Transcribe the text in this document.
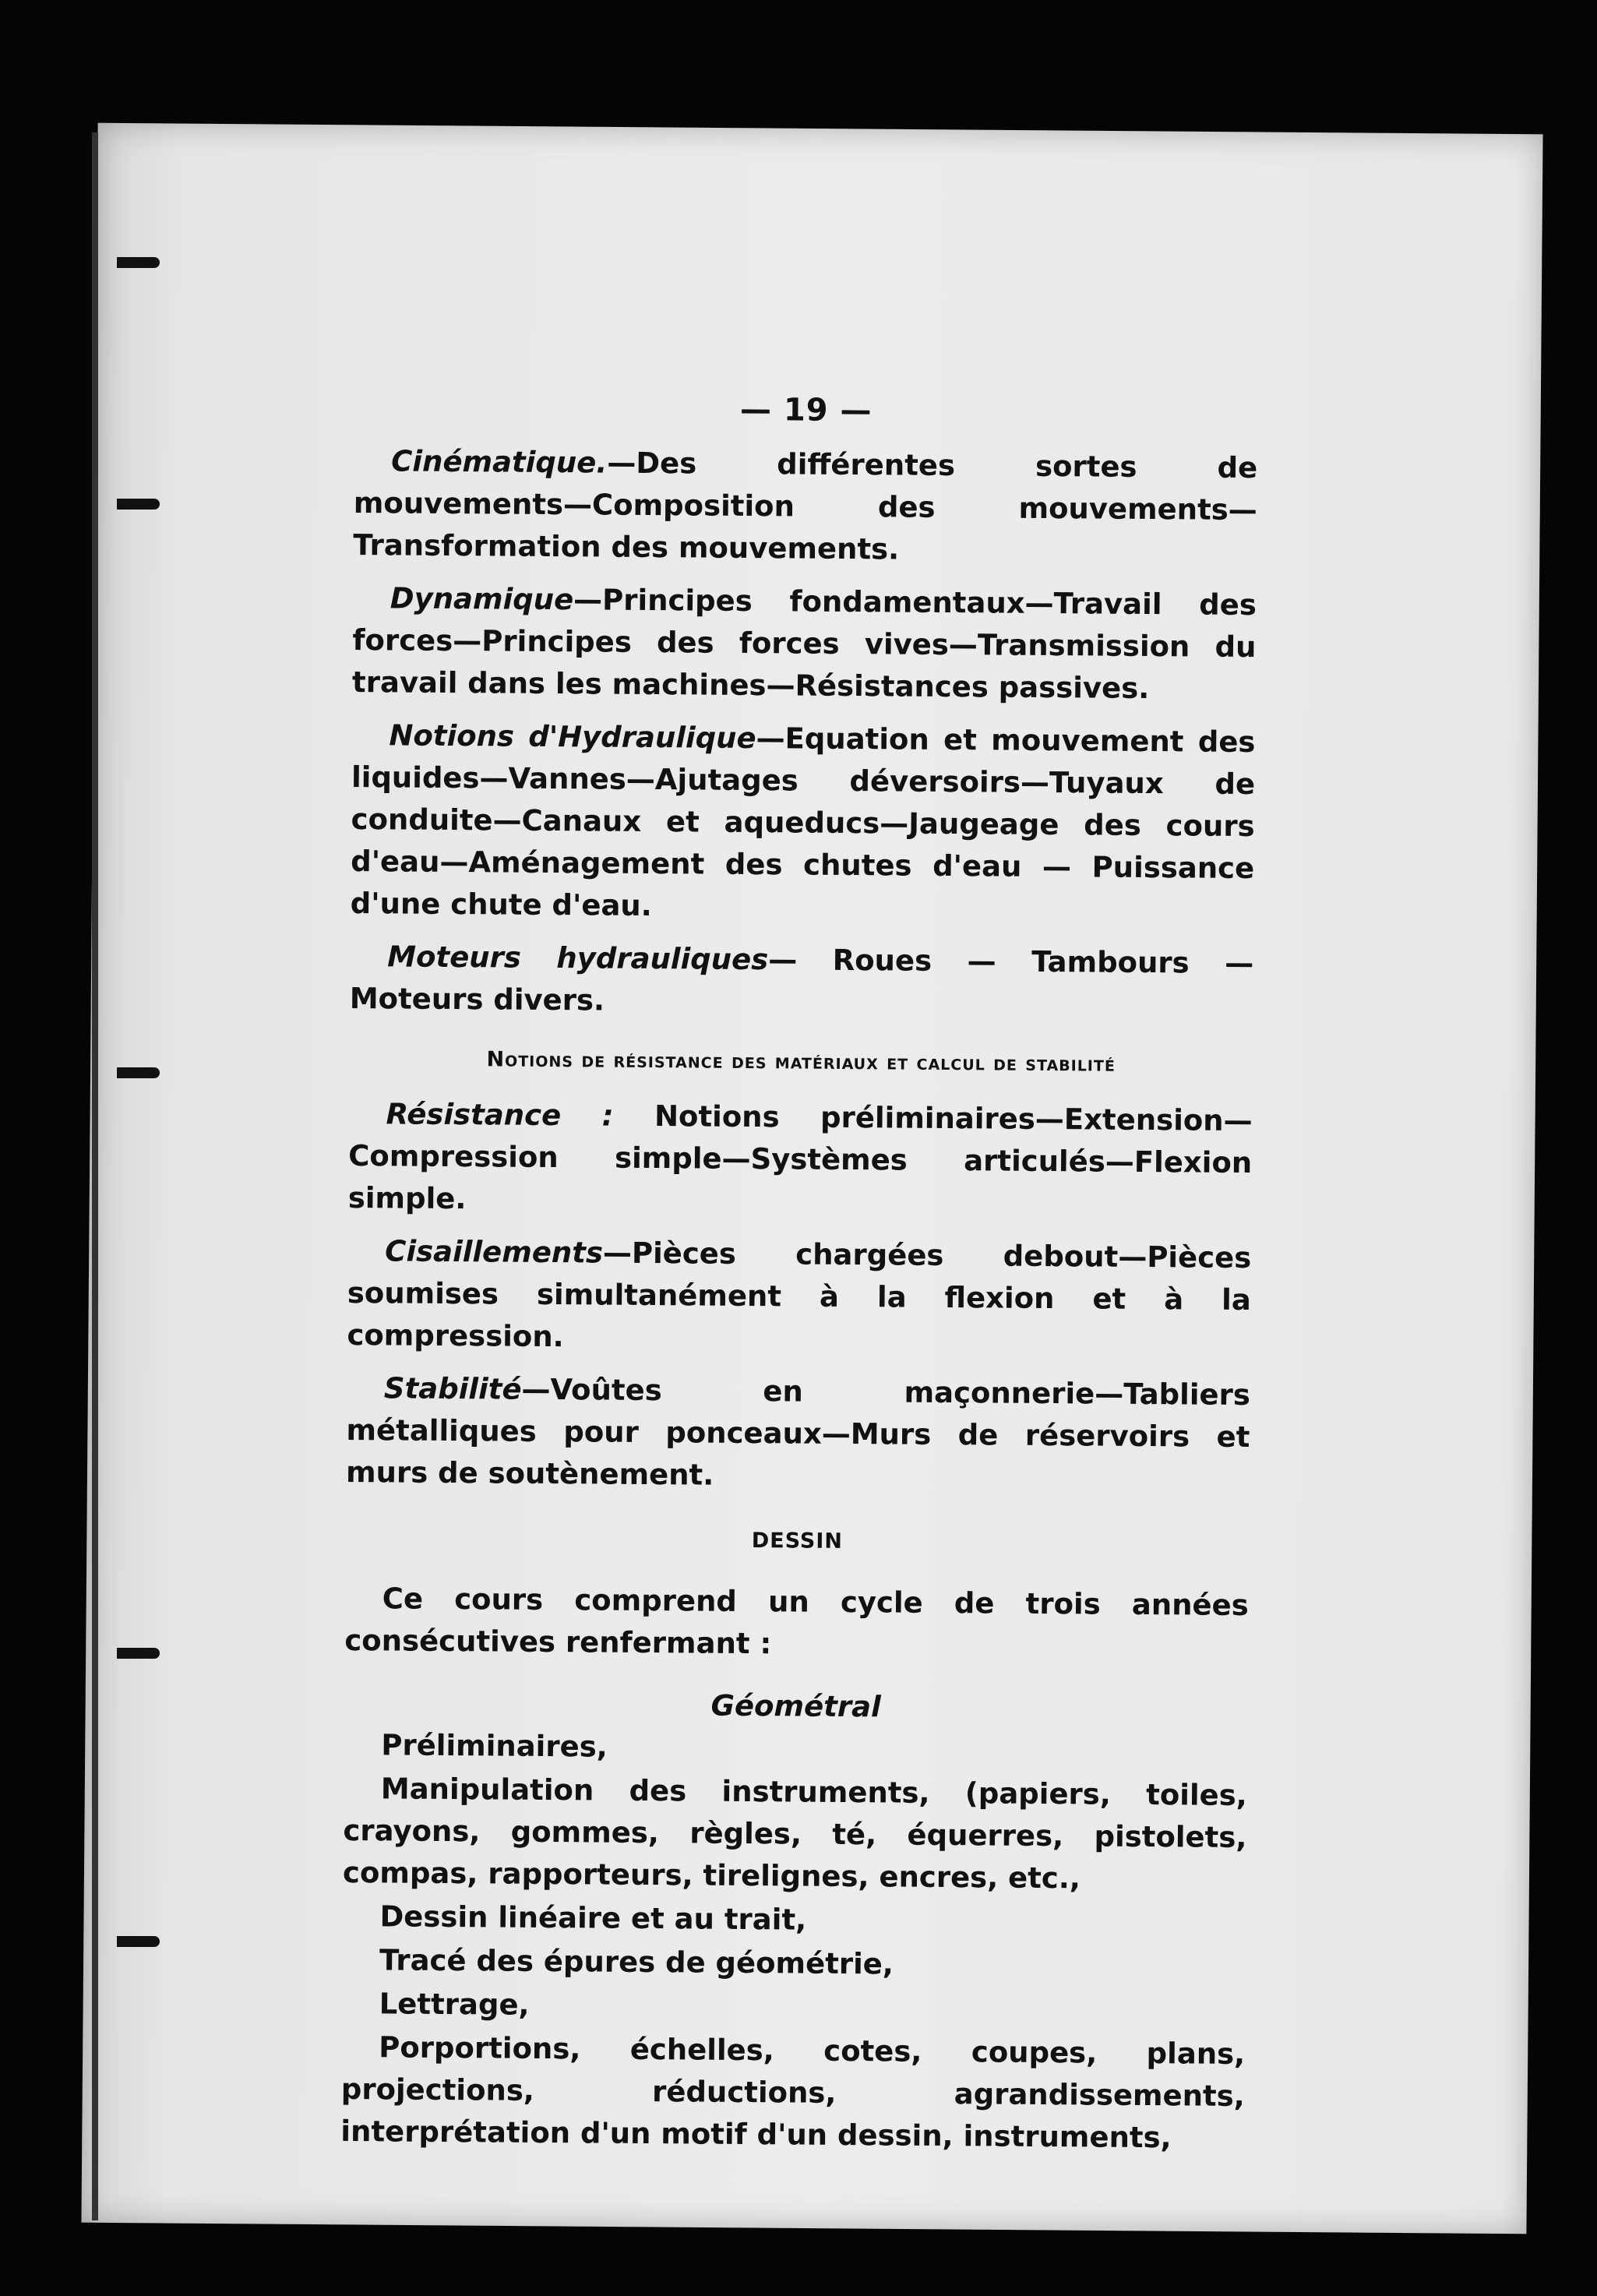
— 19 —

Cinématique.—Des différentes sortes de mouvements—Composition des mouvements—Transformation des mouvements.

Dynamique—Principes fondamentaux—Travail des forces—Principes des forces vives—Transmission du travail dans les machines—Résistances passives.

Notions d'Hydraulique—Equation et mouvement des liquides—Vannes—Ajutages déversoirs—Tuyaux de conduite—Canaux et aqueducs—Jaugeage des cours d'eau—Aménagement des chutes d'eau — Puissance d'une chute d'eau.

Moteurs hydrauliques— Roues — Tambours — Moteurs divers.

Notions de résistance des matériaux et calcul de stabilité

Résistance : Notions préliminaires—Extension—Compression simple—Systèmes articulés—Flexion simple.

Cisaillements—Pièces chargées debout—Pièces soumises simultanément à la flexion et à la compression.

Stabilité—Voûtes en maçonnerie—Tabliers métalliques pour ponceaux—Murs de réservoirs et murs de soutènement.

DESSIN

Ce cours comprend un cycle de trois années consécutives renfermant :

Géométral
Préliminaires,
Manipulation des instruments, (papiers, toiles, crayons, gommes, règles, té, équerres, pistolets, compas, rapporteurs, tirelignes, encres, etc.,
Dessin linéaire et au trait,
Tracé des épures de géométrie,
Lettrage,
Porportions, échelles, cotes, coupes, plans, projections, réductions, agrandissements, interprétation d'un motif d'un dessin, instruments,
